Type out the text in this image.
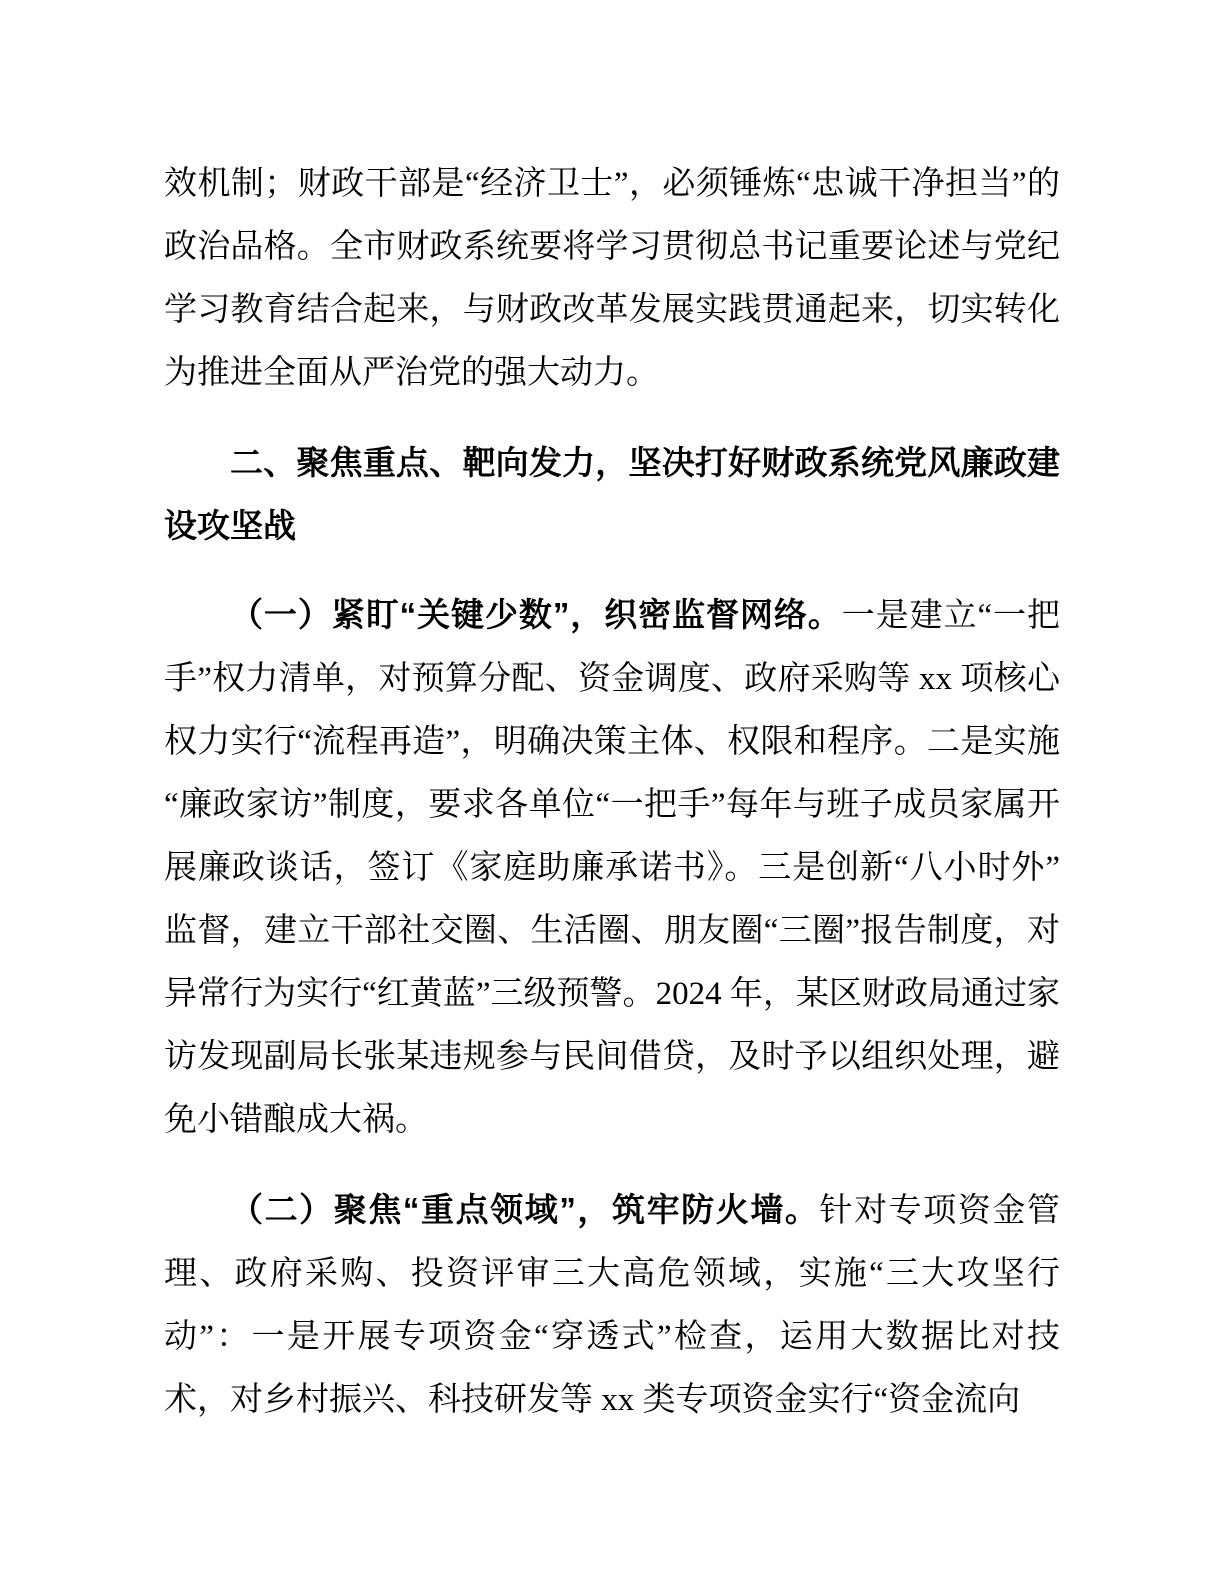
效机制；财政干部是“经济卫士”，必须锤炼“忠诚干净担当”的政治品格。全市财政系统要将学习贯彻总书记重要论述与党纪学习教育结合起来，与财政改革发展实践贯通起来，切实转化为推进全面从严治党的强大动力。

二、聚焦重点、靶向发力，坚决打好财政系统党风廉政建设攻坚战

（一）紧盯“关键少数”，织密监督网络。一是建立“一把手”权力清单，对预算分配、资金调度、政府采购等 xx 项核心权力实行“流程再造”，明确决策主体、权限和程序。二是实施“廉政家访”制度，要求各单位“一把手”每年与班子成员家属开展廉政谈话，签订《家庭助廉承诺书》。三是创新“八小时外”监督，建立干部社交圈、生活圈、朋友圈“三圈”报告制度，对异常行为实行“红黄蓝”三级预警。2024 年，某区财政局通过家访发现副局长张某违规参与民间借贷，及时予以组织处理，避免小错酿成大祸。

（二）聚焦“重点领域”，筑牢防火墙。针对专项资金管理、政府采购、投资评审三大高危领域，实施“三大攻坚行动”：一是开展专项资金“穿透式”检查，运用大数据比对技术，对乡村振兴、科技研发等 xx 类专项资金实行“资金流向
